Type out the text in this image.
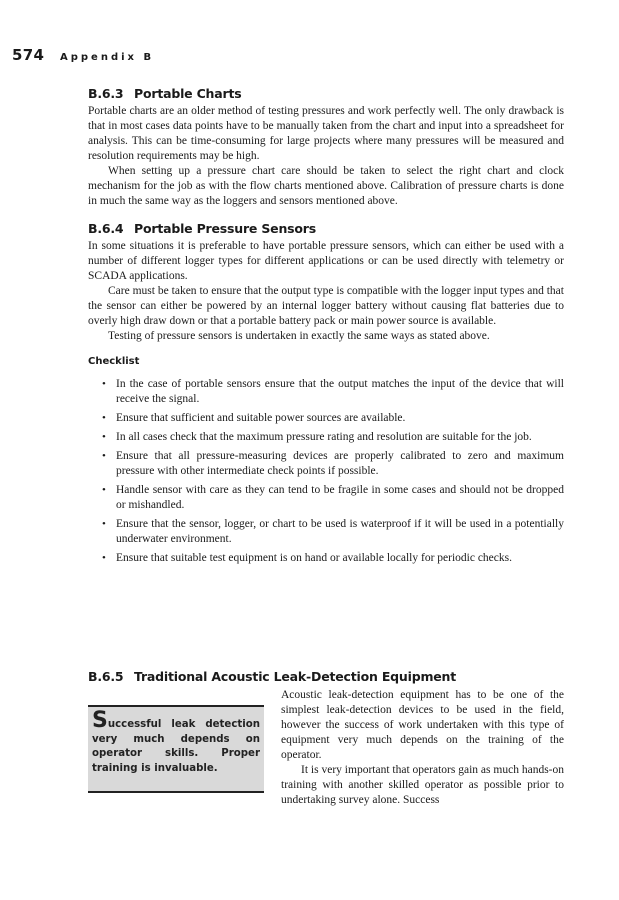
574	Appendix B
B.6.3 Portable Charts

Portable charts are an older method of testing pressures and work perfectly well. The only drawback is that in most cases data points have to be manually taken from the chart and input into a spreadsheet for analysis. This can be time-consuming for large projects where many pressures will be measured and resolution requirements may be high.

When setting up a pressure chart care should be taken to select the right chart and clock mechanism for the job as with the flow charts mentioned above. Calibration of pressure charts is done in much the same way as the loggers and sensors mentioned above.

B.6.4 Portable Pressure Sensors

In some situations it is preferable to have portable pressure sensors, which can either be used with a number of different logger types for different applications or can be used directly with telemetry or SCADA applications.

Care must be taken to ensure that the output type is compatible with the logger input types and that the sensor can either be powered by an internal logger battery without causing flat batteries due to overly high draw down or that a portable battery pack or main power source is available.

Testing of pressure sensors is undertaken in exactly the same ways as stated above.

Checklist
• In the case of portable sensors ensure that the output matches the input of the device that will receive the signal.
• Ensure that sufficient and suitable power sources are available.
• In all cases check that the maximum pressure rating and resolution are suitable for the job.
• Ensure that all pressure-measuring devices are properly calibrated to zero and maximum pressure with other intermediate check points if possible.
• Handle sensor with care as they can tend to be fragile in some cases and should not be dropped or mishandled.
• Ensure that the sensor, logger, or chart to be used is waterproof if it will be used in a potentially underwater environment.
• Ensure that suitable test equipment is on hand or available locally for periodic checks.
B.6.5 Traditional Acoustic Leak-Detection Equipment
Successful leak detection very much depends on operator skills. Proper training is invaluable.

Acoustic leak-detection equipment has to be one of the simplest leak-detection devices to be used in the field, however the success of work undertaken with this type of equipment very much depends on the training of the operator.

It is very important that operators gain as much hands-on training with another skilled operator as possible prior to undertaking survey alone. Success
